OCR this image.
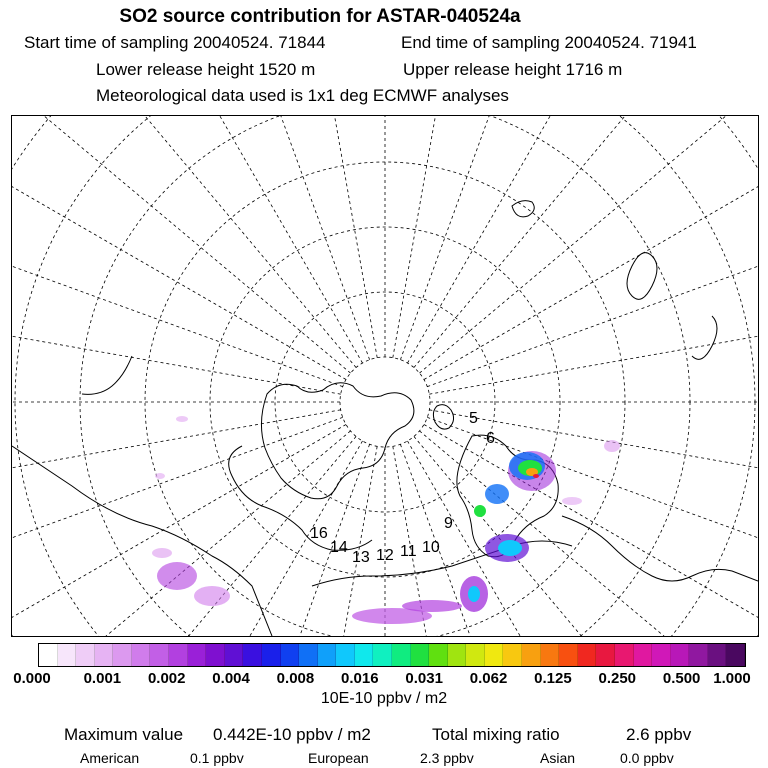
SO2 source contribution for ASTAR-040524a
Start time of sampling 20040524. 71844	End time of sampling 20040524. 71941
Lower release height 1520 m	Upper release height 1716 m
Meteorological data used is 1x1 deg ECMWF analyses
16
14
13 12 11 10
9
5
6
0.000 0.001 0.002 0.004 0.008 0.016 0.031 0.062 0.125 0.250 0.500 1.000
10E-10 ppbv / m2
Maximum value 0.442E-10 ppbv / m2	Total mixing ratio	2.6 ppbv
American	0.1 ppbv	European	2.3 ppbv	Asian	0.0 ppbv
